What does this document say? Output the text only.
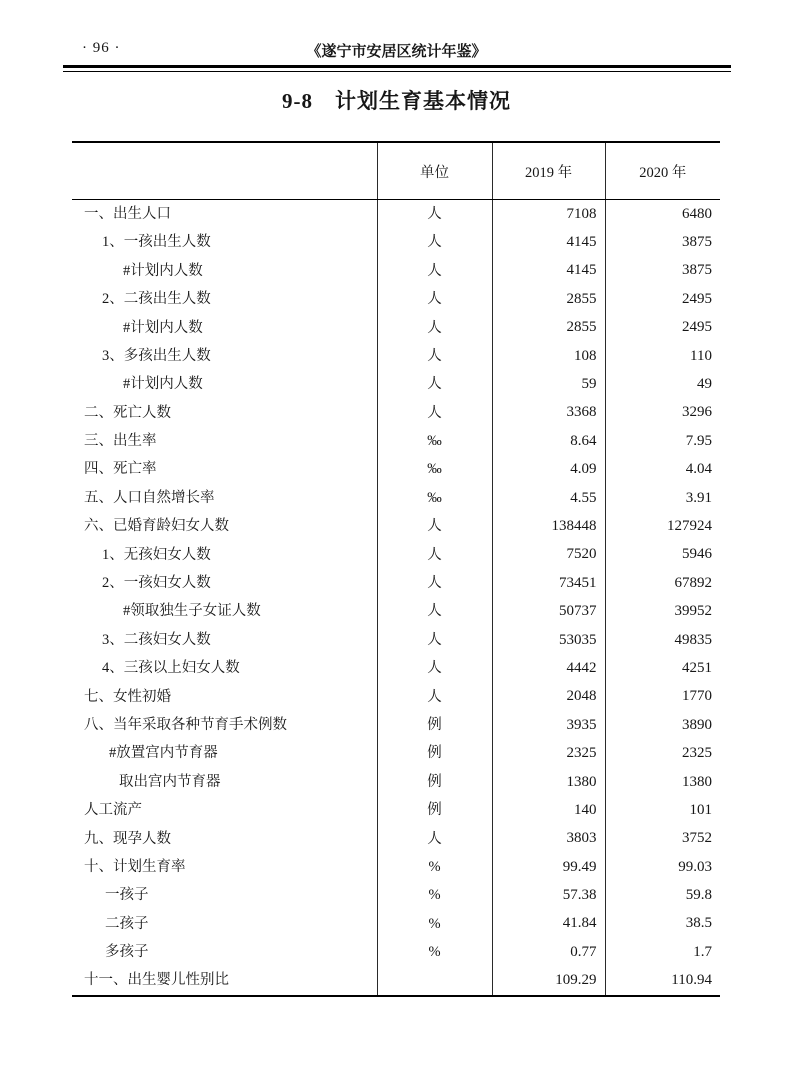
· 96 ·	《遂宁市安居区统计年鉴》
9-8　计划生育基本情况
	单位	2019 年	2020 年
一、出生人口	人	7108	6480
1、一孩出生人数	人	4145	3875
#计划内人数	人	4145	3875
2、二孩出生人数	人	2855	2495
#计划内人数	人	2855	2495
3、多孩出生人数	人	108	110
#计划内人数	人	59	49
二、死亡人数	人	3368	3296
三、出生率	‰	8.64	7.95
四、死亡率	‰	4.09	4.04
五、人口自然增长率	‰	4.55	3.91
六、已婚育龄妇女人数	人	138448	127924
1、无孩妇女人数	人	7520	5946
2、一孩妇女人数	人	73451	67892
#领取独生子女证人数	人	50737	39952
3、二孩妇女人数	人	53035	49835
4、三孩以上妇女人数	人	4442	4251
七、女性初婚	人	2048	1770
八、当年采取各种节育手术例数	例	3935	3890
#放置宫内节育器	例	2325	2325
取出宫内节育器	例	1380	1380
人工流产	例	140	101
九、现孕人数	人	3803	3752
十、计划生育率	%	99.49	99.03
一孩子	%	57.38	59.8
二孩子	%	41.84	38.5
多孩子	%	0.77	1.7
十一、出生婴儿性别比		109.29	110.94
